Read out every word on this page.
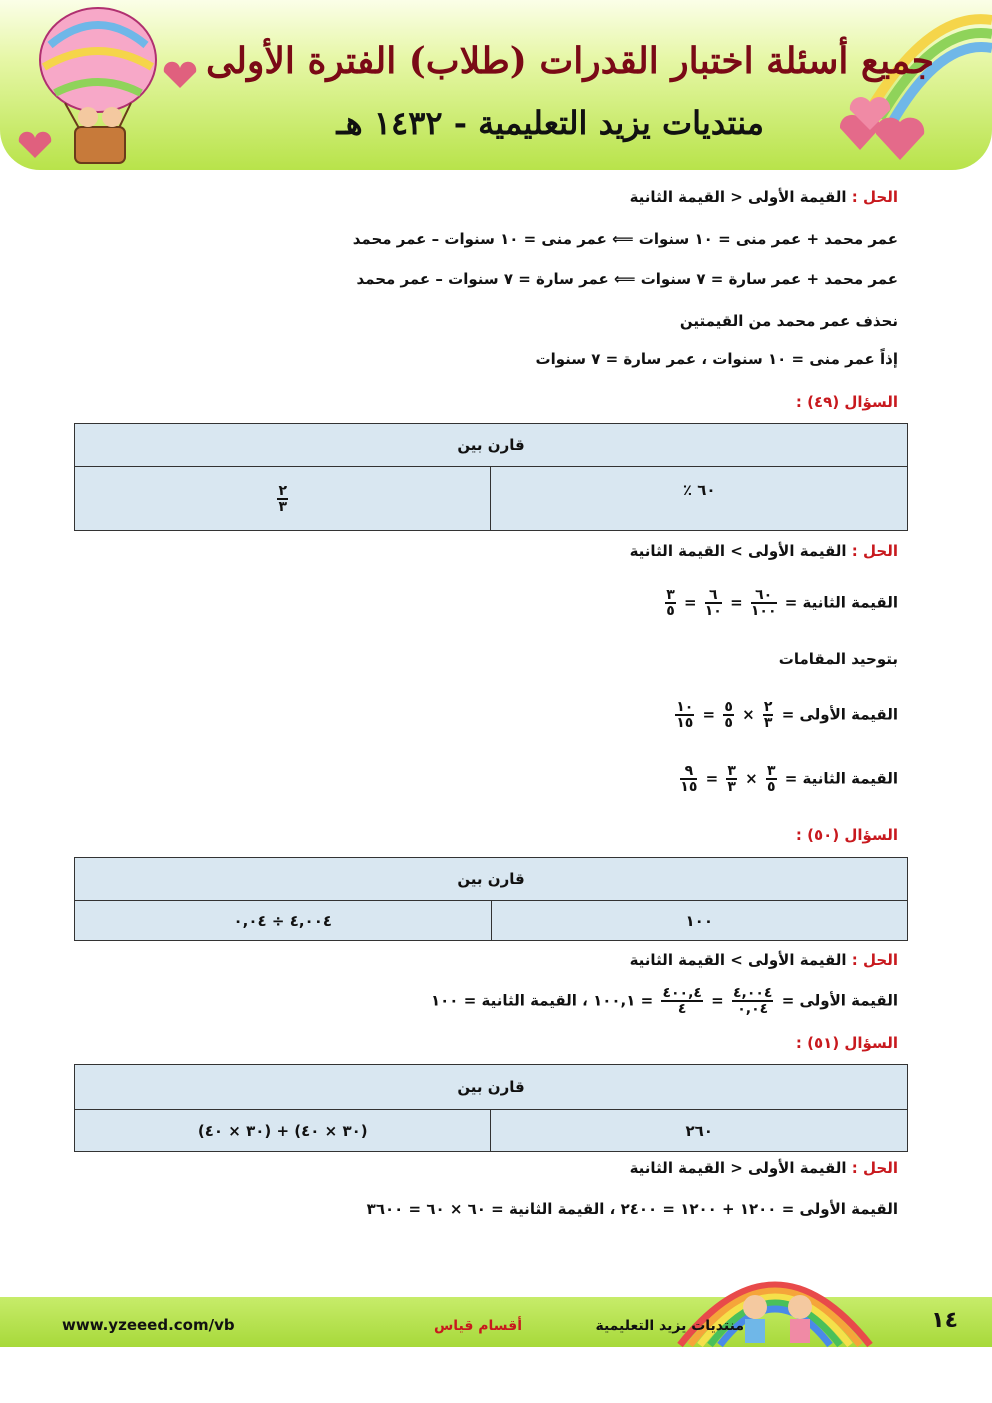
جميع أسئلة اختبار القدرات (طلاب) الفترة الأولى
منتديات يزيد التعليمية - ١٤٣٢ هـ
الحل : القيمة الأولى < القيمة الثانية
عمر محمد + عمر منى = ١٠ سنوات ⟸ عمر منى = ١٠ سنوات – عمر محمد
عمر محمد + عمر سارة = ٧ سنوات ⟸ عمر سارة = ٧ سنوات – عمر محمد
نحذف عمر محمد من القيمتين
إذاً عمر منى = ١٠ سنوات ، عمر سارة = ٧ سنوات
السؤال (٤٩) :
قارن بين

$\frac{٢}{٣}$	٦٠ ٪
الحل : القيمة الأولى > القيمة الثانية
القيمة الثانية =
$\frac{٦٠}{١٠٠}$
=
$\frac{٦}{١٠}$
=
$\frac{٣}{٥}$
بتوحيد المقامات
القيمة الأولى =
$\frac{٢}{٣}$
×
$\frac{٥}{٥}$
=
$\frac{١٠}{١٥}$
القيمة الثانية =
$\frac{٣}{٥}$
×
$\frac{٣}{٣}$
=
$\frac{٩}{١٥}$
السؤال (٥٠) :
قارن بين
٤,٠٠٤ ÷ ٠,٠٤	١٠٠
الحل : القيمة الأولى > القيمة الثانية
القيمة الأولى =
$\frac{٤,٠٠٤}{٠,٠٤}$
=
$\frac{٤٠٠,٤}{٤}$
= ١٠٠,١ ، القيمة الثانية = ١٠٠
السؤال (٥١) :
قارن بين
(٣٠ × ٤٠) + (٣٠ × ٤٠)	٢٦٠
الحل : القيمة الأولى < القيمة الثانية
القيمة الأولى = ١٢٠٠ + ١٢٠٠ = ٢٤٠٠ ، القيمة الثانية = ٦٠ × ٦٠ = ٣٦٠٠
١٤
منتديات يزيد التعليمية
أقسام قياس
www.yzeeed.com/vb
